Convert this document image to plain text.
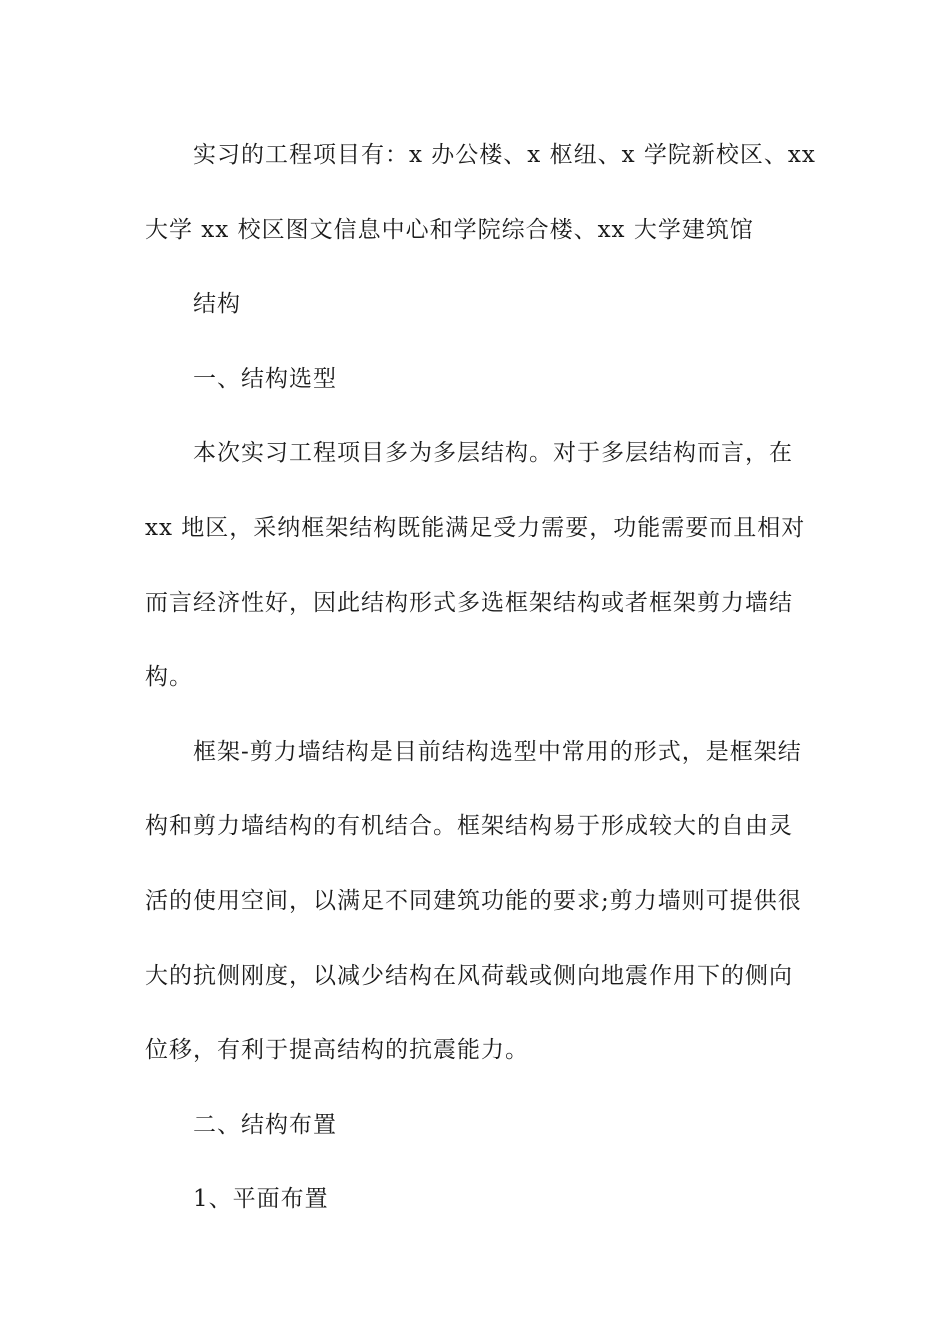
实习的工程项目有：x 办公楼、x 枢纽、x 学院新校区、xx
大学 xx 校区图文信息中心和学院综合楼、xx 大学建筑馆

结构

一、结构选型

本次实习工程项目多为多层结构。对于多层结构而言，在
xx 地区，采纳框架结构既能满足受力需要，功能需要而且相对
而言经济性好，因此结构形式多选框架结构或者框架剪力墙结
构。

框架-剪力墙结构是目前结构选型中常用的形式，是框架结
构和剪力墙结构的有机结合。框架结构易于形成较大的自由灵
活的使用空间，以满足不同建筑功能的要求;剪力墙则可提供很
大的抗侧刚度，以减少结构在风荷载或侧向地震作用下的侧向
位移，有利于提高结构的抗震能力。

二、结构布置

1、平面布置
